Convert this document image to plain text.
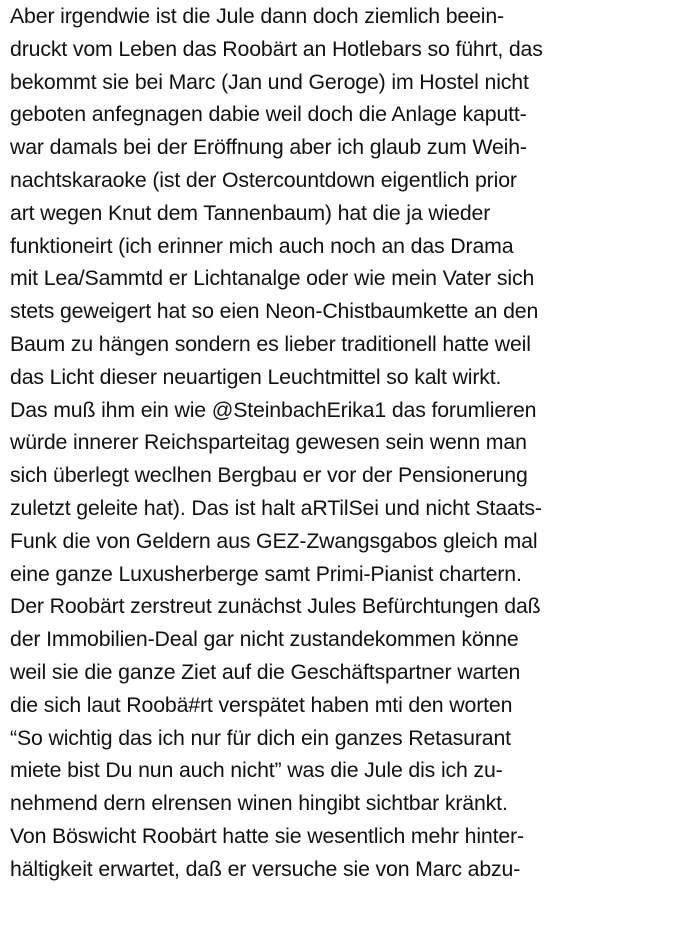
Aber irgendwie ist die Jule dann doch ziemlich beein-
druckt vom Leben das Roobärt an Hotlebars so führt, das
bekommt sie bei Marc (Jan und Geroge) im Hostel nicht
geboten anfegnagen dabie weil doch die Anlage kaputt-
war damals bei der Eröffnung aber ich glaub zum Weih-
nachtskaraoke (ist der Ostercountdown eigentlich prior
art wegen Knut dem Tannenbaum) hat die ja wieder
funktioneirt (ich erinner mich auch noch an das Drama
mit Lea/Sammtd er Lichtanalge oder wie mein Vater sich
stets geweigert hat so eien Neon-Chistbaumkette an den
Baum zu hängen sondern es lieber traditionell hatte weil
das Licht dieser neuartigen Leuchtmittel so kalt wirkt.
Das muß ihm ein wie @SteinbachErika1 das forumlieren
würde innerer Reichsparteitag gewesen sein wenn man
sich überlegt weclhen Bergbau er vor der Pensionerung
zuletzt geleite hat). Das ist halt aRTilSei und nicht Staats-
Funk die von Geldern aus GEZ-Zwangsgabos gleich mal
eine ganze Luxusherberge samt Primi-Pianist chartern.
Der Roobärt zerstreut zunächst Jules Befürchtungen daß
der Immobilien-Deal gar nicht zustandekommen könne
weil sie die ganze Ziet auf die Geschäftspartner warten
die sich laut Roobä#rt verspätet haben mti den worten
“So wichtig das ich nur für dich ein ganzes Retasurant
miete bist Du nun auch nicht” was die Jule dis ich zu-
nehmend dern elrensen winen hingibt sichtbar kränkt.
Von Böswicht Roobärt hatte sie wesentlich mehr hinter-
hältigkeit erwartet, daß er versuche sie von Marc abzu-
